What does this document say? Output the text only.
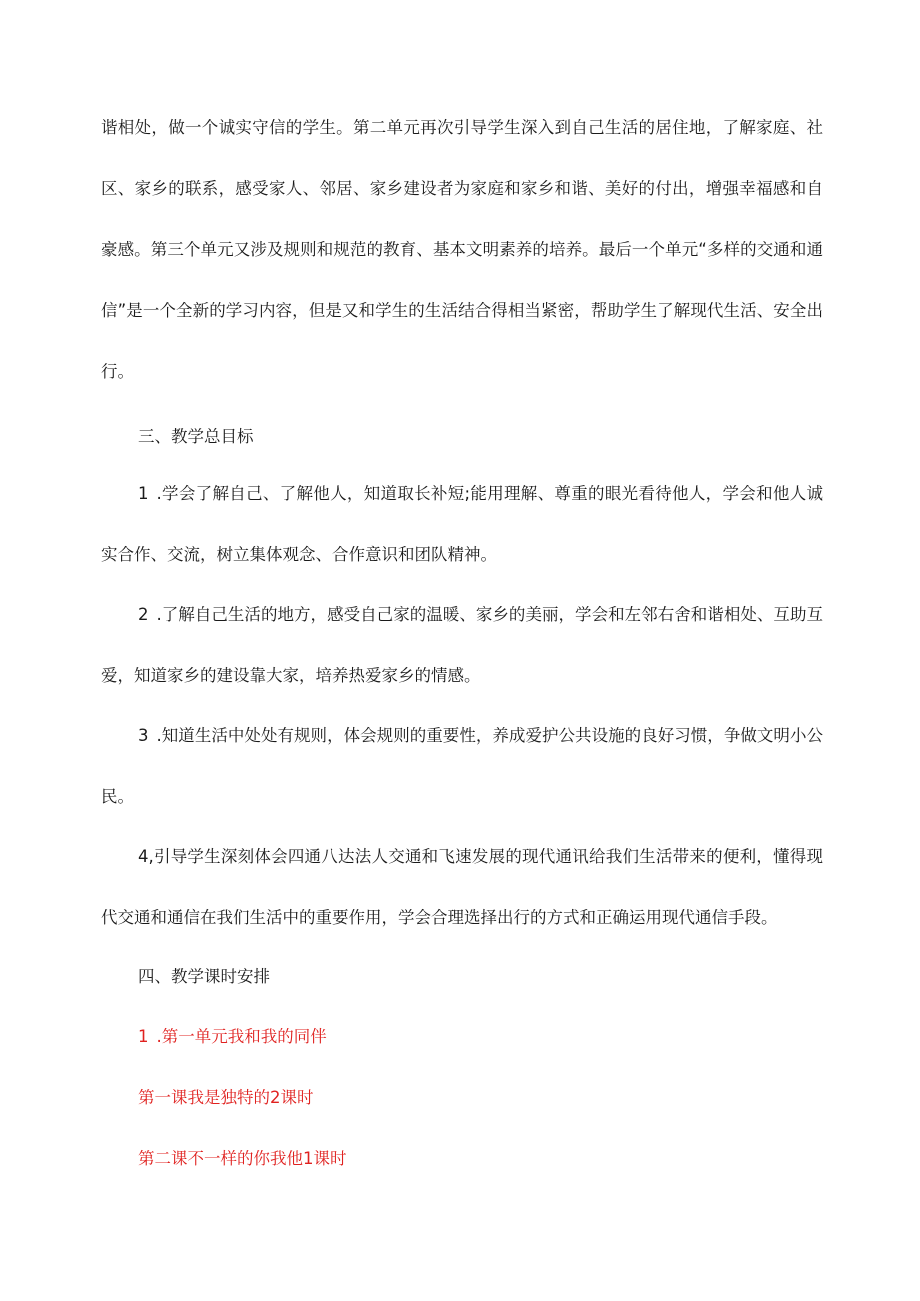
谐相处，做一个诚实守信的学生。第二单元再次引导学生深入到自己生活的居住地，了解家庭、社区、家乡的联系，感受家人、邻居、家乡建设者为家庭和家乡和谐、美好的付出，增强幸福感和自豪感。第三个单元又涉及规则和规范的教育、基本文明素养的培养。最后一个单元“多样的交通和通信”是一个全新的学习内容，但是又和学生的生活结合得相当紧密，帮助学生了解现代生活、安全出行。

三、教学总目标

1 .学会了解自己、了解他人，知道取长补短;能用理解、尊重的眼光看待他人，学会和他人诚实合作、交流，树立集体观念、合作意识和团队精神。

2 .了解自己生活的地方，感受自己家的温暖、家乡的美丽，学会和左邻右舍和谐相处、互助互爱，知道家乡的建设靠大家，培养热爱家乡的情感。

3 .知道生活中处处有规则，体会规则的重要性，养成爱护公共设施的良好习惯，争做文明小公民。

4,引导学生深刻体会四通八达法人交通和飞速发展的现代通讯给我们生活带来的便利，懂得现代交通和通信在我们生活中的重要作用，学会合理选择出行的方式和正确运用现代通信手段。

四、教学课时安排

1 .第一单元我和我的同伴

第一课我是独特的2课时

第二课不一样的你我他1课时
